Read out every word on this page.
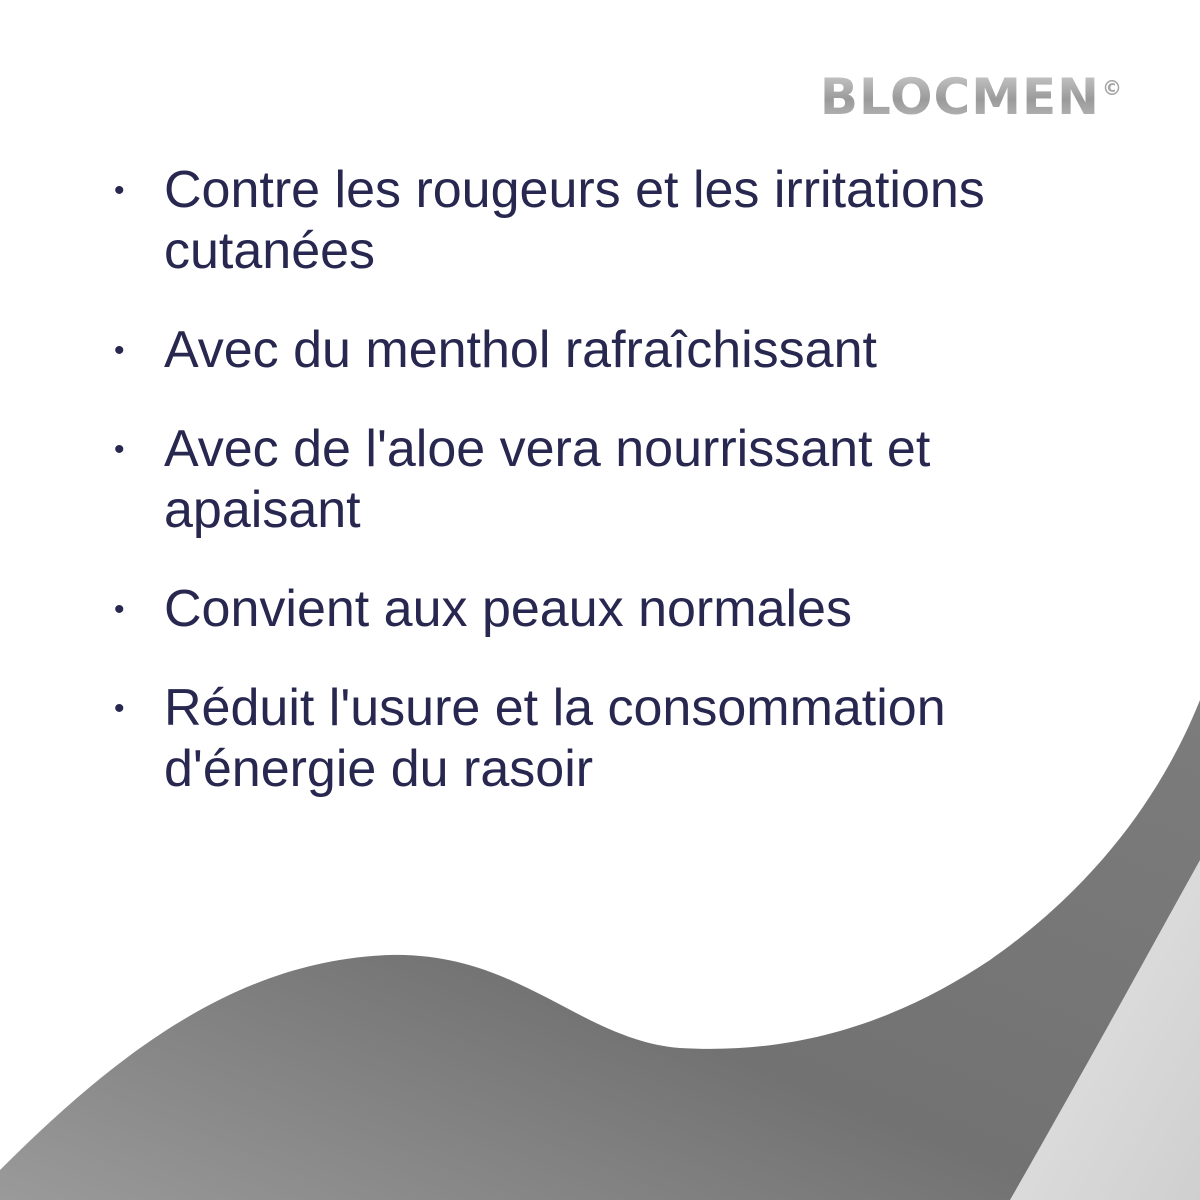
BLOCMEN ©
• Contre les rougeurs et les irritations cutanées
• Avec du menthol rafraîchissant
• Avec de l'aloe vera nourrissant et apaisant
• Convient aux peaux normales
• Réduit l'usure et la consommation d'énergie du rasoir
